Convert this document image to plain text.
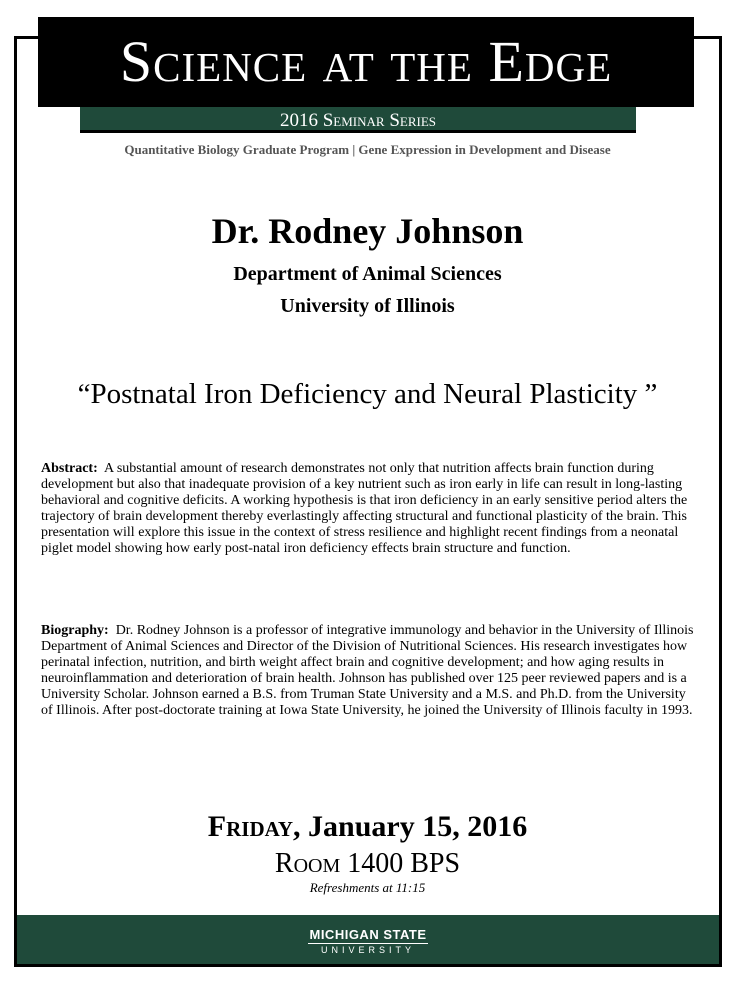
Science at the Edge
2016 Seminar Series
Quantitative Biology Graduate Program | Gene Expression in Development and Disease
Dr. Rodney Johnson
Department of Animal Sciences
University of Illinois
“Postnatal Iron Deficiency and Neural Plasticity ”
Abstract: A substantial amount of research demonstrates not only that nutrition affects brain function during development but also that inadequate provision of a key nutrient such as iron early in life can result in long-lasting behavioral and cognitive deficits. A working hypothesis is that iron deficiency in an early sensitive period alters the trajectory of brain development thereby everlastingly affecting structural and functional plasticity of the brain. This presentation will explore this issue in the context of stress resilience and highlight recent findings from a neonatal piglet model showing how early post-natal iron deficiency effects brain structure and function.
Biography: Dr. Rodney Johnson is a professor of integrative immunology and behavior in the University of Illinois Department of Animal Sciences and Director of the Division of Nutritional Sciences. His research investigates how perinatal infection, nutrition, and birth weight affect brain and cognitive development; and how aging results in neuroinflammation and deterioration of brain health. Johnson has published over 125 peer reviewed papers and is a University Scholar. Johnson earned a B.S. from Truman State University and a M.S. and Ph.D. from the University of Illinois. After post-doctorate training at Iowa State University, he joined the University of Illinois faculty in 1993.
Friday, January 15, 2016
Room 1400 BPS
Refreshments at 11:15
MICHIGAN STATE
UNIVERSITY
